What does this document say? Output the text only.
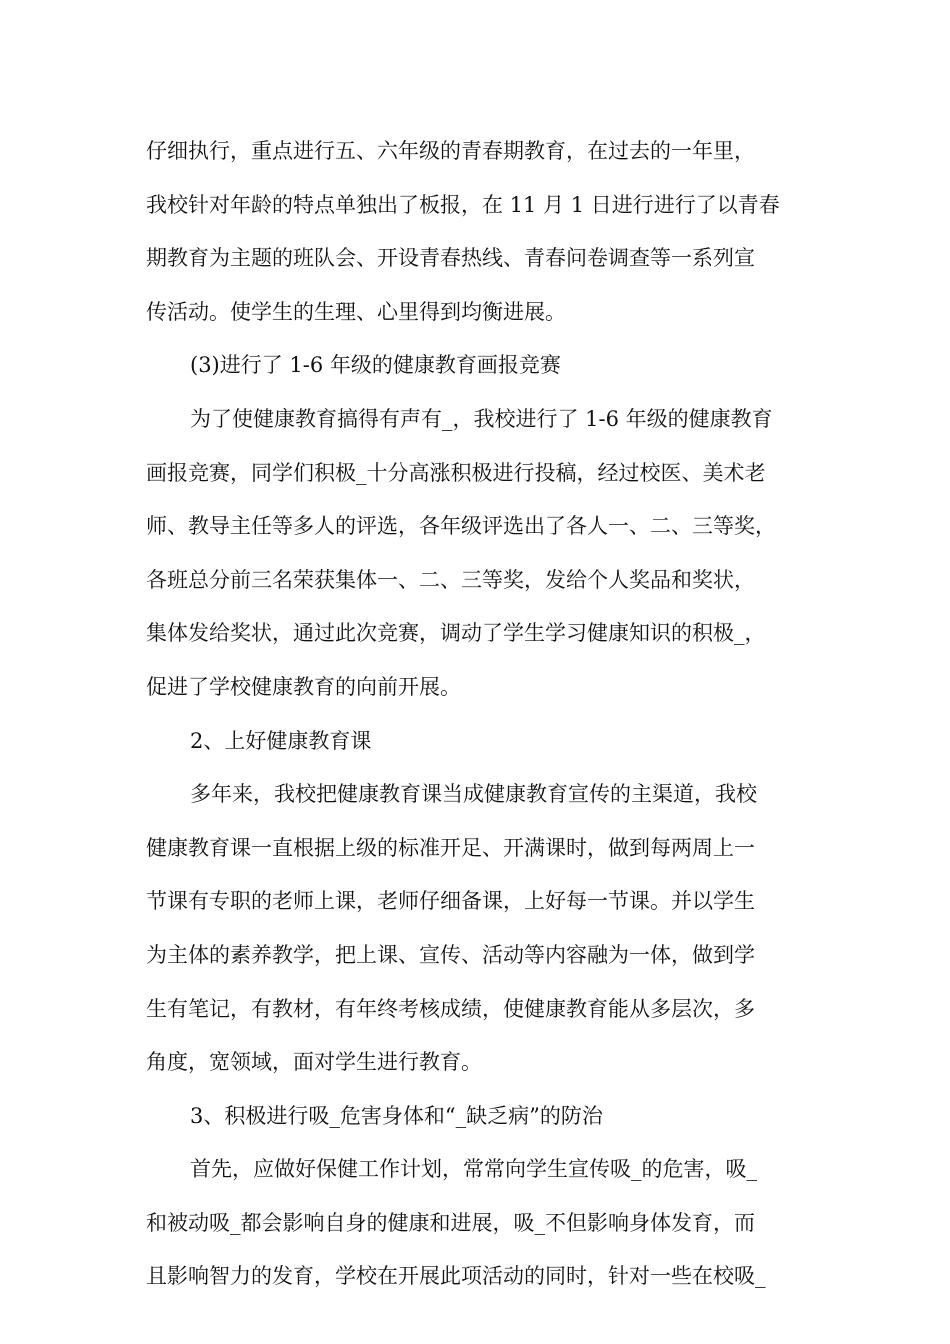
仔细执行，重点进行五、六年级的青春期教育，在过去的一年里，
我校针对年龄的特点单独出了板报，在 11 月 1 日进行进行了以青春
期教育为主题的班队会、开设青春热线、青春问卷调查等一系列宣
传活动。使学生的生理、心里得到均衡进展。
(3)进行了 1-6 年级的健康教育画报竞赛
为了使健康教育搞得有声有_，我校进行了 1-6 年级的健康教育
画报竞赛，同学们积极_十分高涨积极进行投稿，经过校医、美术老
师、教导主任等多人的评选，各年级评选出了各人一、二、三等奖，
各班总分前三名荣获集体一、二、三等奖，发给个人奖品和奖状，
集体发给奖状，通过此次竞赛，调动了学生学习健康知识的积极_，
促进了学校健康教育的向前开展。
2、上好健康教育课
多年来，我校把健康教育课当成健康教育宣传的主渠道，我校
健康教育课一直根据上级的标准开足、开满课时，做到每两周上一
节课有专职的老师上课，老师仔细备课，上好每一节课。并以学生
为主体的素养教学，把上课、宣传、活动等内容融为一体，做到学
生有笔记，有教材，有年终考核成绩，使健康教育能从多层次，多
角度，宽领域，面对学生进行教育。
3、积极进行吸_危害身体和“_缺乏病”的防治
首先，应做好保健工作计划，常常向学生宣传吸_的危害，吸_
和被动吸_都会影响自身的健康和进展，吸_不但影响身体发育，而
且影响智力的发育，学校在开展此项活动的同时，针对一些在校吸_
